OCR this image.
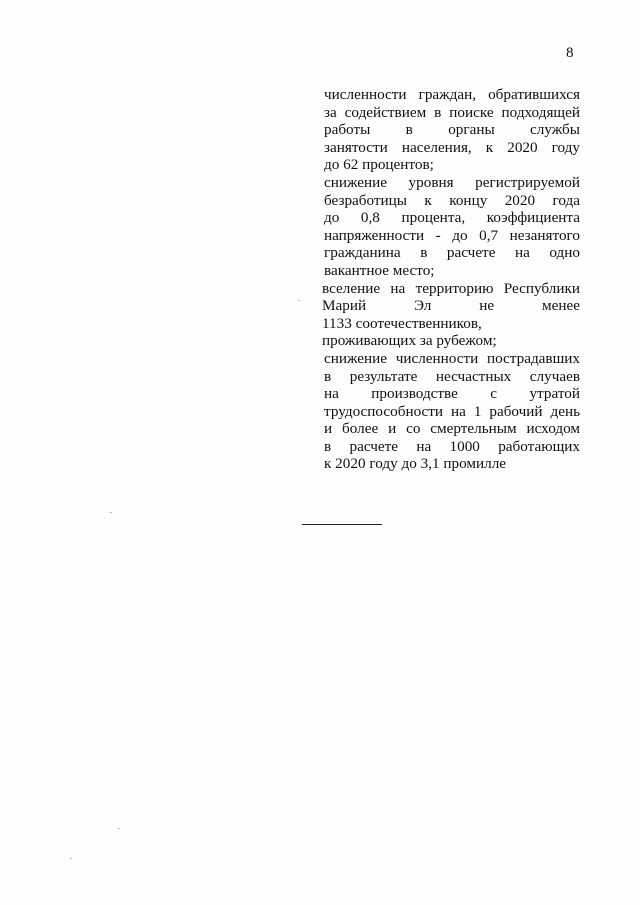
8
численности граждан, обратившихся
за содействием в поиске подходящей
работы в органы службы
занятости населения, к 2020 году
до 62 процентов;
снижение уровня регистрируемой
безработицы к концу 2020 года
до 0,8 процента, коэффициента
напряженности - до 0,7 незанятого
гражданина в расчете на одно
вакантное место;
вселение на территорию Республики
Марий Эл не менее
1133 соотечественников,
проживающих за рубежом;
снижение численности пострадавших
в результате несчастных случаев
на производстве с утратой
трудоспособности на 1 рабочий день
и более и со смертельным исходом
в расчете на 1000 работающих
к 2020 году до 3,1 промилле
